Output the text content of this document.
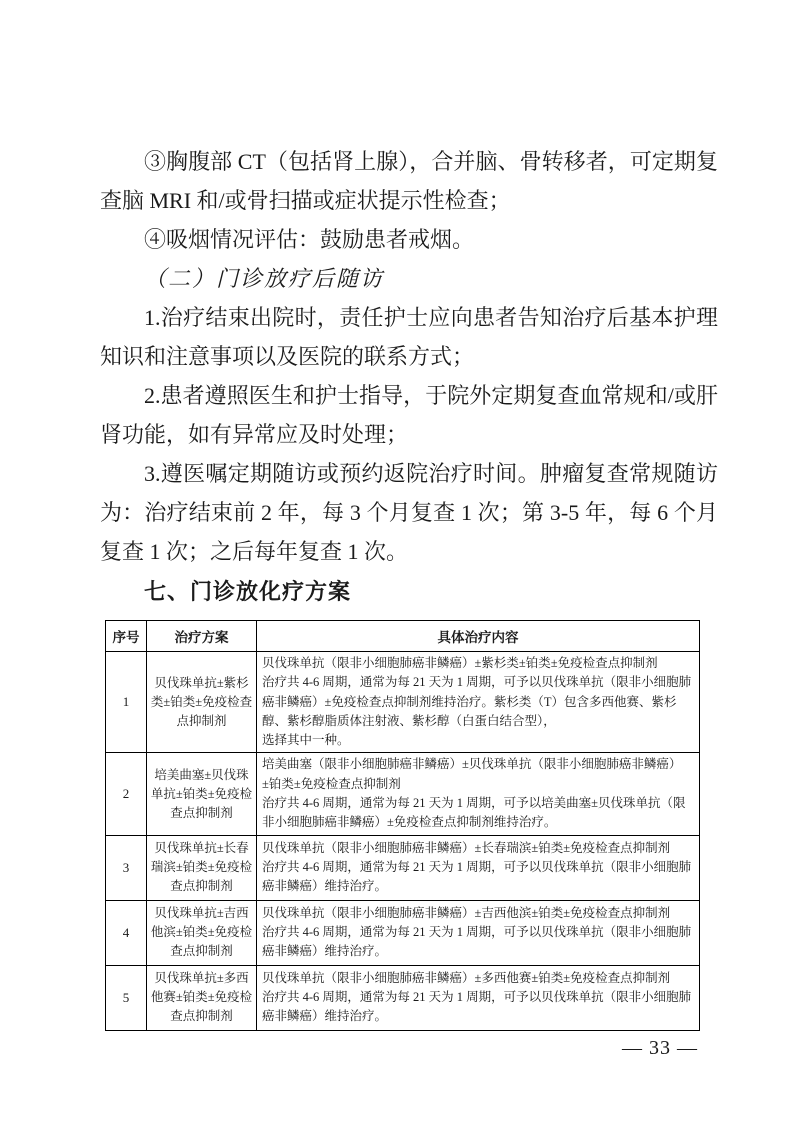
③胸腹部 CT（包括肾上腺），合并脑、骨转移者，可定期复查脑 MRI 和/或骨扫描或症状提示性检查；

④吸烟情况评估：鼓励患者戒烟。

（二）门诊放疗后随访

1.治疗结束出院时，责任护士应向患者告知治疗后基本护理 知识和注意事项以及医院的联系方式；

2.患者遵照医生和护士指导，于院外定期复查血常规和/或肝肾功能，如有异常应及时处理；

3.遵医嘱定期随访或预约返院治疗时间。肿瘤复查常规随访为：治疗结束前 2 年，每 3 个月复查 1 次；第 3-5 年，每 6 个月复查 1 次；之后每年复查 1 次。

七、门诊放化疗方案

序号	治疗方案	具体治疗内容
1	贝伐珠单抗±紫杉类±铂类±免疫检查点抑制剂	贝伐珠单抗（限非小细胞肺癌非鳞癌）±紫杉类±铂类±免疫检查点抑制剂
治疗共 4-6 周期，通常为每 21 天为 1 周期，可予以贝伐珠单抗（限非小细胞肺癌非鳞癌）±免疫检查点抑制剂维持治疗。紫杉类（T）包含多西他赛、紫杉醇、紫杉醇脂质体注射液、紫杉醇（白蛋白结合型），
选择其中一种。

2	培美曲塞±贝伐珠单抗±铂类±免疫检查点抑制剂	培美曲塞（限非小细胞肺癌非鳞癌）±贝伐珠单抗（限非小细胞肺癌非鳞癌）±铂类±免疫检查点抑制剂
治疗共 4-6 周期，通常为每 21 天为 1 周期，可予以培美曲塞±贝伐珠单抗（限非小细胞肺癌非鳞癌）±免疫检查点抑制剂维持治疗。

3	贝伐珠单抗±长春瑞滨±铂类±免疫检查点抑制剂	贝伐珠单抗（限非小细胞肺癌非鳞癌）±长春瑞滨±铂类±免疫检查点抑制剂
治疗共 4-6 周期，通常为每 21 天为 1 周期，可予以贝伐珠单抗（限非小细胞肺癌非鳞癌）维持治疗。

4	贝伐珠单抗±吉西他滨±铂类±免疫检查点抑制剂	贝伐珠单抗（限非小细胞肺癌非鳞癌）±吉西他滨±铂类±免疫检查点抑制剂
治疗共 4-6 周期，通常为每 21 天为 1 周期，可予以贝伐珠单抗（限非小细胞肺癌非鳞癌）维持治疗。

5	贝伐珠单抗±多西他赛±铂类±免疫检查点抑制剂	贝伐珠单抗（限非小细胞肺癌非鳞癌）±多西他赛±铂类±免疫检查点抑制剂
治疗共 4-6 周期，通常为每 21 天为 1 周期，可予以贝伐珠单抗（限非小细胞肺癌非鳞癌）维持治疗。
— 33 —
